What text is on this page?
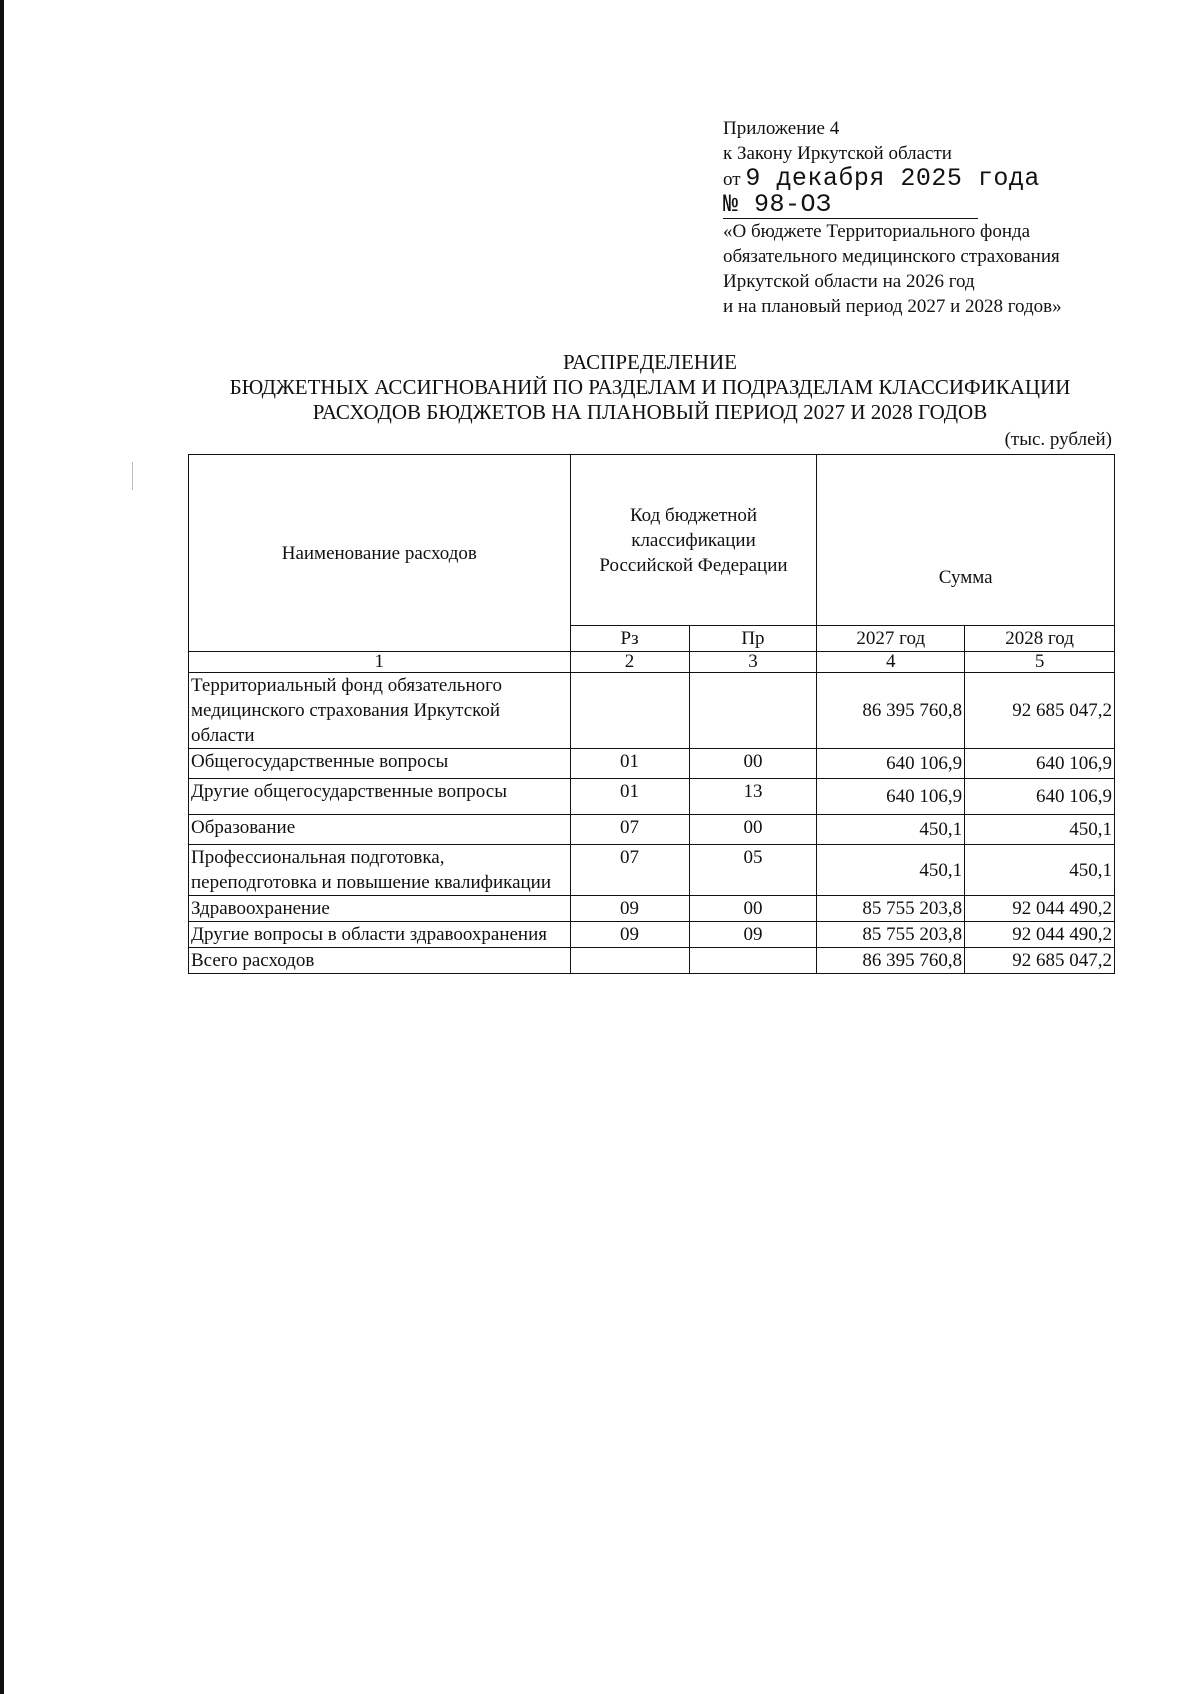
Приложение 4
к Закону Иркутской области
от 9 декабря 2025 года
№ 98-ОЗ
«О бюджете Территориального фонда
обязательного медицинского страхования
Иркутской области на 2026 год
и на плановый период 2027 и 2028 годов»
РАСПРЕДЕЛЕНИЕ
БЮДЖЕТНЫХ АССИГНОВАНИЙ ПО РАЗДЕЛАМ И ПОДРАЗДЕЛАМ КЛАССИФИКАЦИИ
РАСХОДОВ БЮДЖЕТОВ НА ПЛАНОВЫЙ ПЕРИОД 2027 И 2028 ГОДОВ
(тыс. рублей)
Наименование расходов	Код бюджетной классификации Российской Федерации		Сумма	
	Рз	Пр	2027 год	2028 год
1	2	3	4	5
Территориальный фонд обязательного медицинского страхования Иркутской области			86 395 760,8	92 685 047,2
Общегосударственные вопросы	01	00	640 106,9	640 106,9
Другие общегосударственные вопросы	01	13	640 106,9	640 106,9
Образование	07	00	450,1	450,1
Профессиональная подготовка, переподготовка и повышение квалификации	07	05	450,1	450,1
Здравоохранение	09	00	85 755 203,8	92 044 490,2
Другие вопросы в области здравоохранения	09	09	85 755 203,8	92 044 490,2
Всего расходов			86 395 760,8	92 685 047,2
